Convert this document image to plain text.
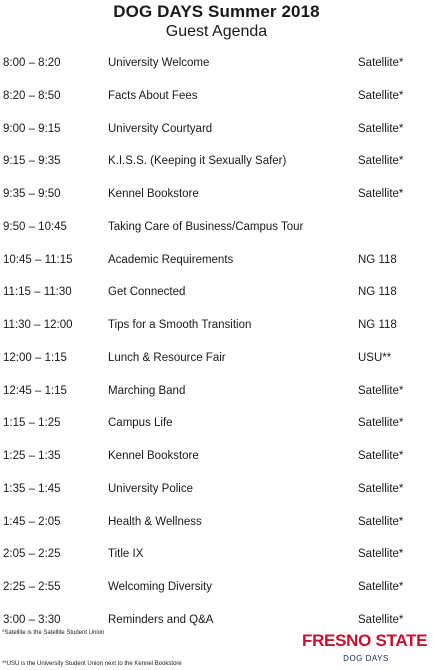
DOG DAYS Summer 2018
Guest Agenda
8:00 – 8:20	University Welcome	Satellite*
8:20 – 8:50	Facts About Fees	Satellite*
9:00 – 9:15	University Courtyard	Satellite*
9:15 – 9:35	K.I.S.S. (Keeping it Sexually Safer)	Satellite*
9:35 – 9:50	Kennel Bookstore	Satellite*
9:50 – 10:45	Taking Care of Business/Campus Tour
10:45 – 11:15	Academic Requirements	NG 118
11:15 – 11:30	Get Connected	NG 118
11:30 – 12:00	Tips for a Smooth Transition	NG 118
12:00 – 1:15	Lunch & Resource Fair	USU**
12:45 – 1:15	Marching Band	Satellite*
1:15 – 1:25	Campus Life	Satellite*
1:25 – 1:35	Kennel Bookstore	Satellite*
1:35 – 1:45	University Police	Satellite*
1:45 – 2:05	Health & Wellness	Satellite*
2:05 – 2:25	Title IX	Satellite*
2:25 – 2:55	Welcoming Diversity	Satellite*
3:00 – 3:30	Reminders and Q&A	Satellite*
*Satellite is the Satellite Student Union
**USU is the University Student Union next to the Kennel Bookstore
FRESNO STATE
DOG DAYS
